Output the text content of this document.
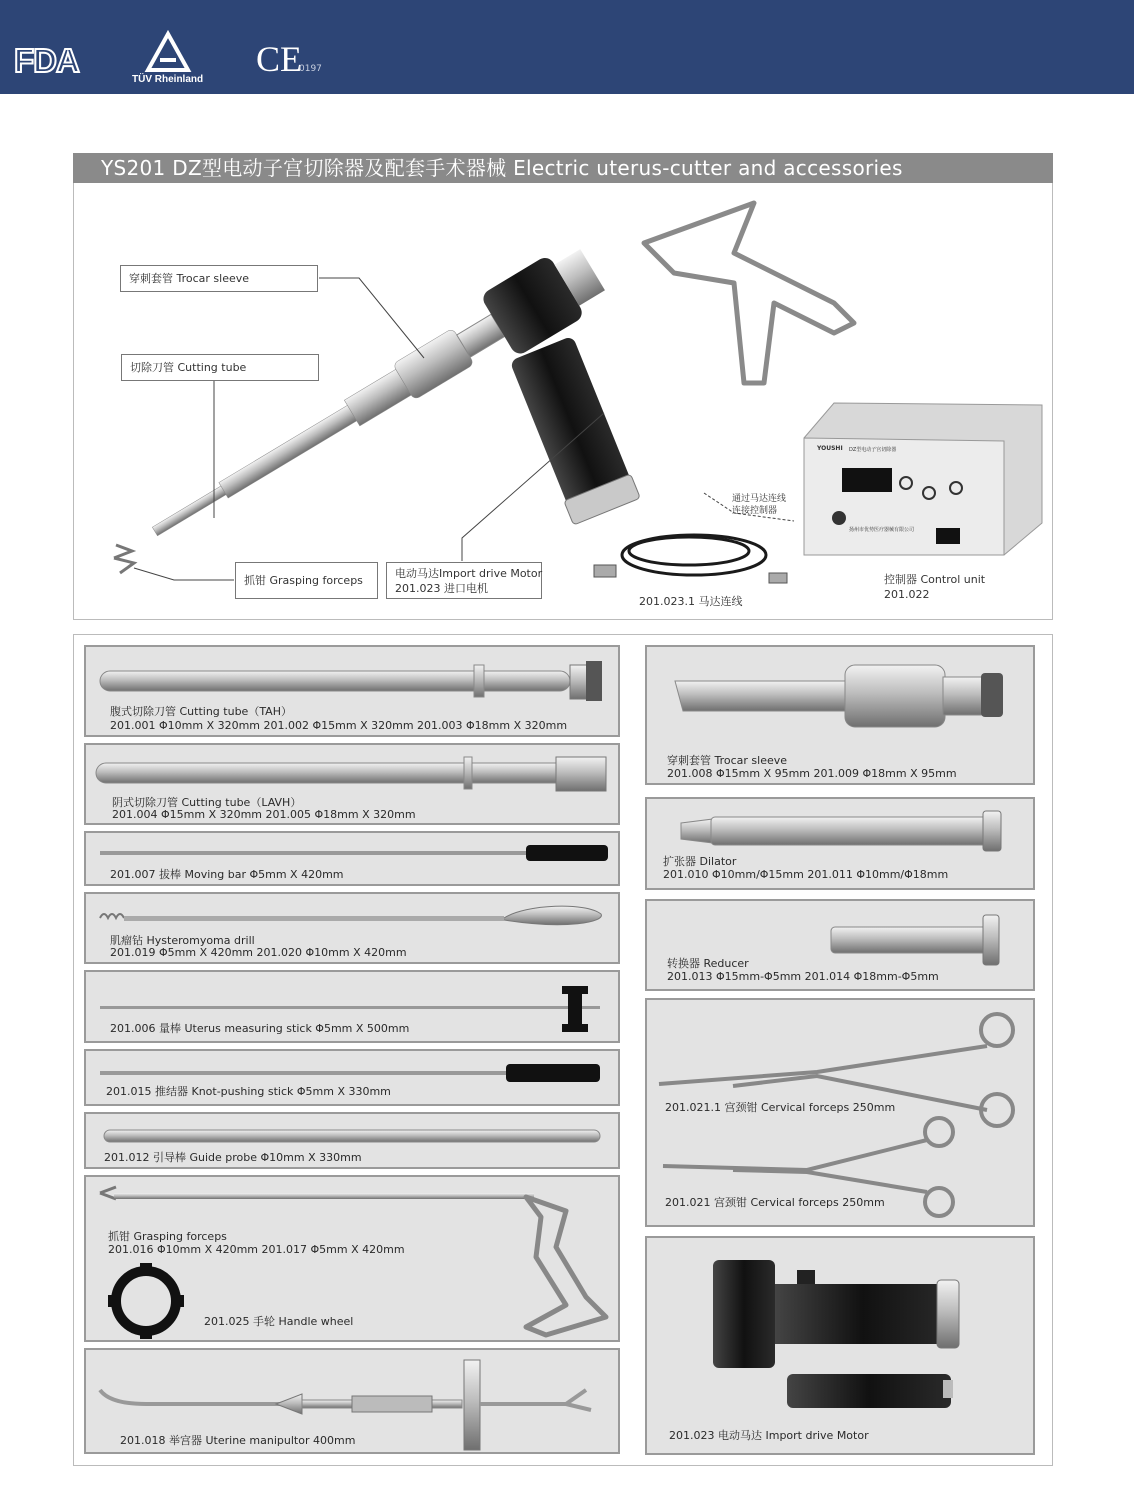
FDA
TÜV Rheinland
CE
0197
YS201 DZ型电动子宫切除器及配套手术器械 Electric uterus-cutter and accessories
穿刺套管 Trocar sleeve
切除刀管 Cutting tube
抓钳 Grasping forceps
电动马达Import drive Motor
201.023 进口电机
201.023.1 马达连线
通过马达连线
连接控制器
YOUSHI DZ型电动子宫切除器
扬州市优势医疗器械有限公司
控制器 Control unit
201.022
腹式切除刀管 Cutting tube（TAH）
201.001 Φ10mm X 320mm 201.002 Φ15mm X 320mm 201.003 Φ18mm X 320mm
阴式切除刀管 Cutting tube（LAVH）
201.004 Φ15mm X 320mm 201.005 Φ18mm X 320mm
201.007 拔棒 Moving bar Φ5mm X 420mm
肌瘤钻 Hysteromyoma drill
201.019 Φ5mm X 420mm 201.020 Φ10mm X 420mm
201.006 量棒 Uterus measuring stick Φ5mm X 500mm
201.015 推结器 Knot-pushing stick Φ5mm X 330mm
201.012 引导棒 Guide probe Φ10mm X 330mm
抓钳 Grasping forceps
201.016 Φ10mm X 420mm 201.017 Φ5mm X 420mm
201.025 手轮 Handle wheel
201.018 举宫器 Uterine manipultor 400mm
穿刺套管 Trocar sleeve
201.008 Φ15mm X 95mm 201.009 Φ18mm X 95mm
扩张器 Dilator
201.010 Φ10mm/Φ15mm 201.011 Φ10mm/Φ18mm
转换器 Reducer
201.013 Φ15mm-Φ5mm 201.014 Φ18mm-Φ5mm
201.021.1 宫颈钳 Cervical forceps 250mm
201.021 宫颈钳 Cervical forceps 250mm
201.023 电动马达 Import drive Motor
